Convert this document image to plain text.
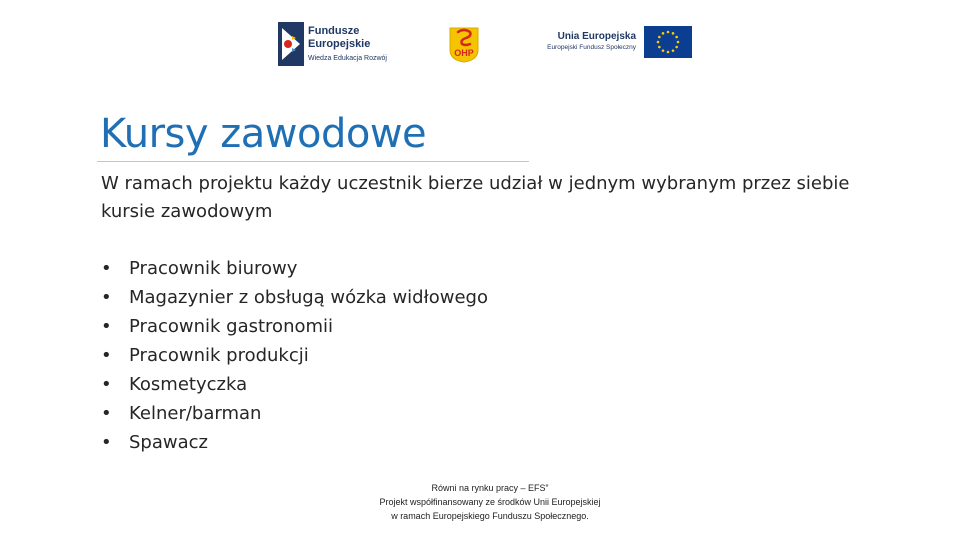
Fundusze
Europejskie
Wiedza Edukacja Rozwój
OHP
Unia Europejska
Europejski Fundusz Społeczny
Kursy zawodowe
W ramach projektu każdy uczestnik bierze udział w jednym wybranym przez siebie kursie zawodowym
• Pracownik biurowy
• Magazynier z obsługą wózka widłowego
• Pracownik gastronomii
• Pracownik produkcji
• Kosmetyczka
• Kelner/barman
• Spawacz
Równi na rynku pracy – EFS”
Projekt współfinansowany ze środków Unii Europejskiej
w ramach Europejskiego Funduszu Społecznego.
